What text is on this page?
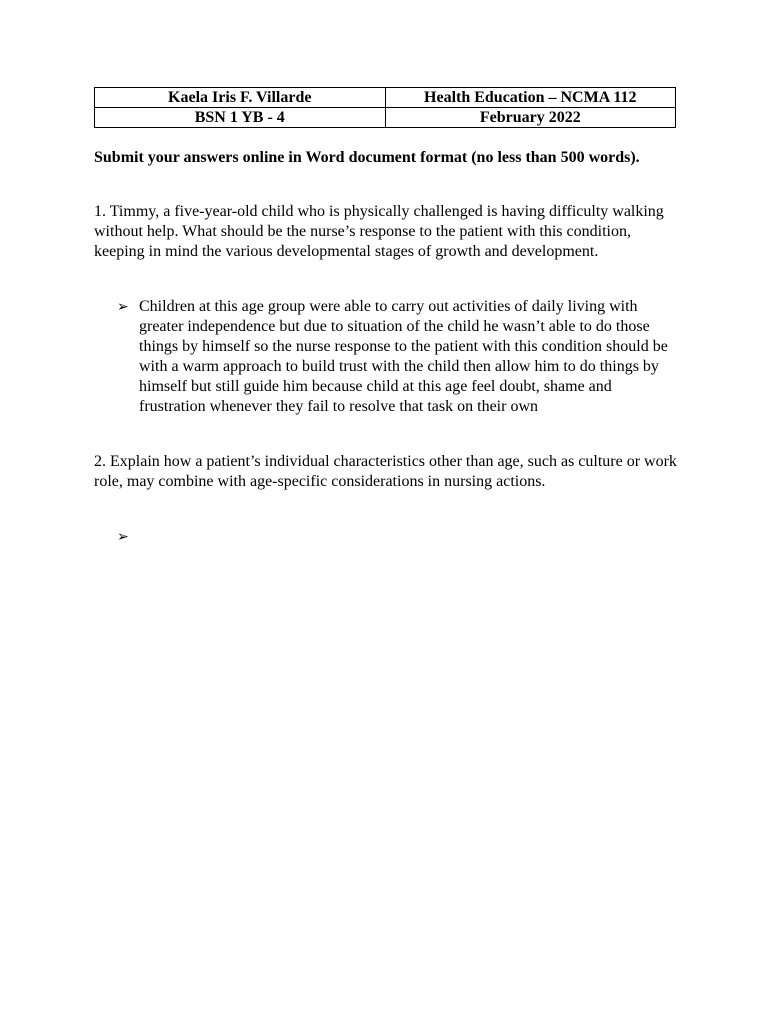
Kaela Iris F. Villarde	Health Education – NCMA 112
BSN 1 YB - 4	February 2022

Submit your answers online in Word document format (no less than 500 words).

1. Timmy, a five-year-old child who is physically challenged is having difficulty walking without help. What should be the nurse’s response to the patient with this condition, keeping in mind the various developmental stages of growth and development.

➢ Children at this age group were able to carry out activities of daily living with greater independence but due to situation of the child he wasn’t able to do those things by himself so the nurse response to the patient with this condition should be with a warm approach to build trust with the child then allow him to do things by himself but still guide him because child at this age feel doubt, shame and frustration whenever they fail to resolve that task on their own

2. Explain how a patient’s individual characteristics other than age, such as culture or work role, may combine with age-specific considerations in nursing actions.

➢
